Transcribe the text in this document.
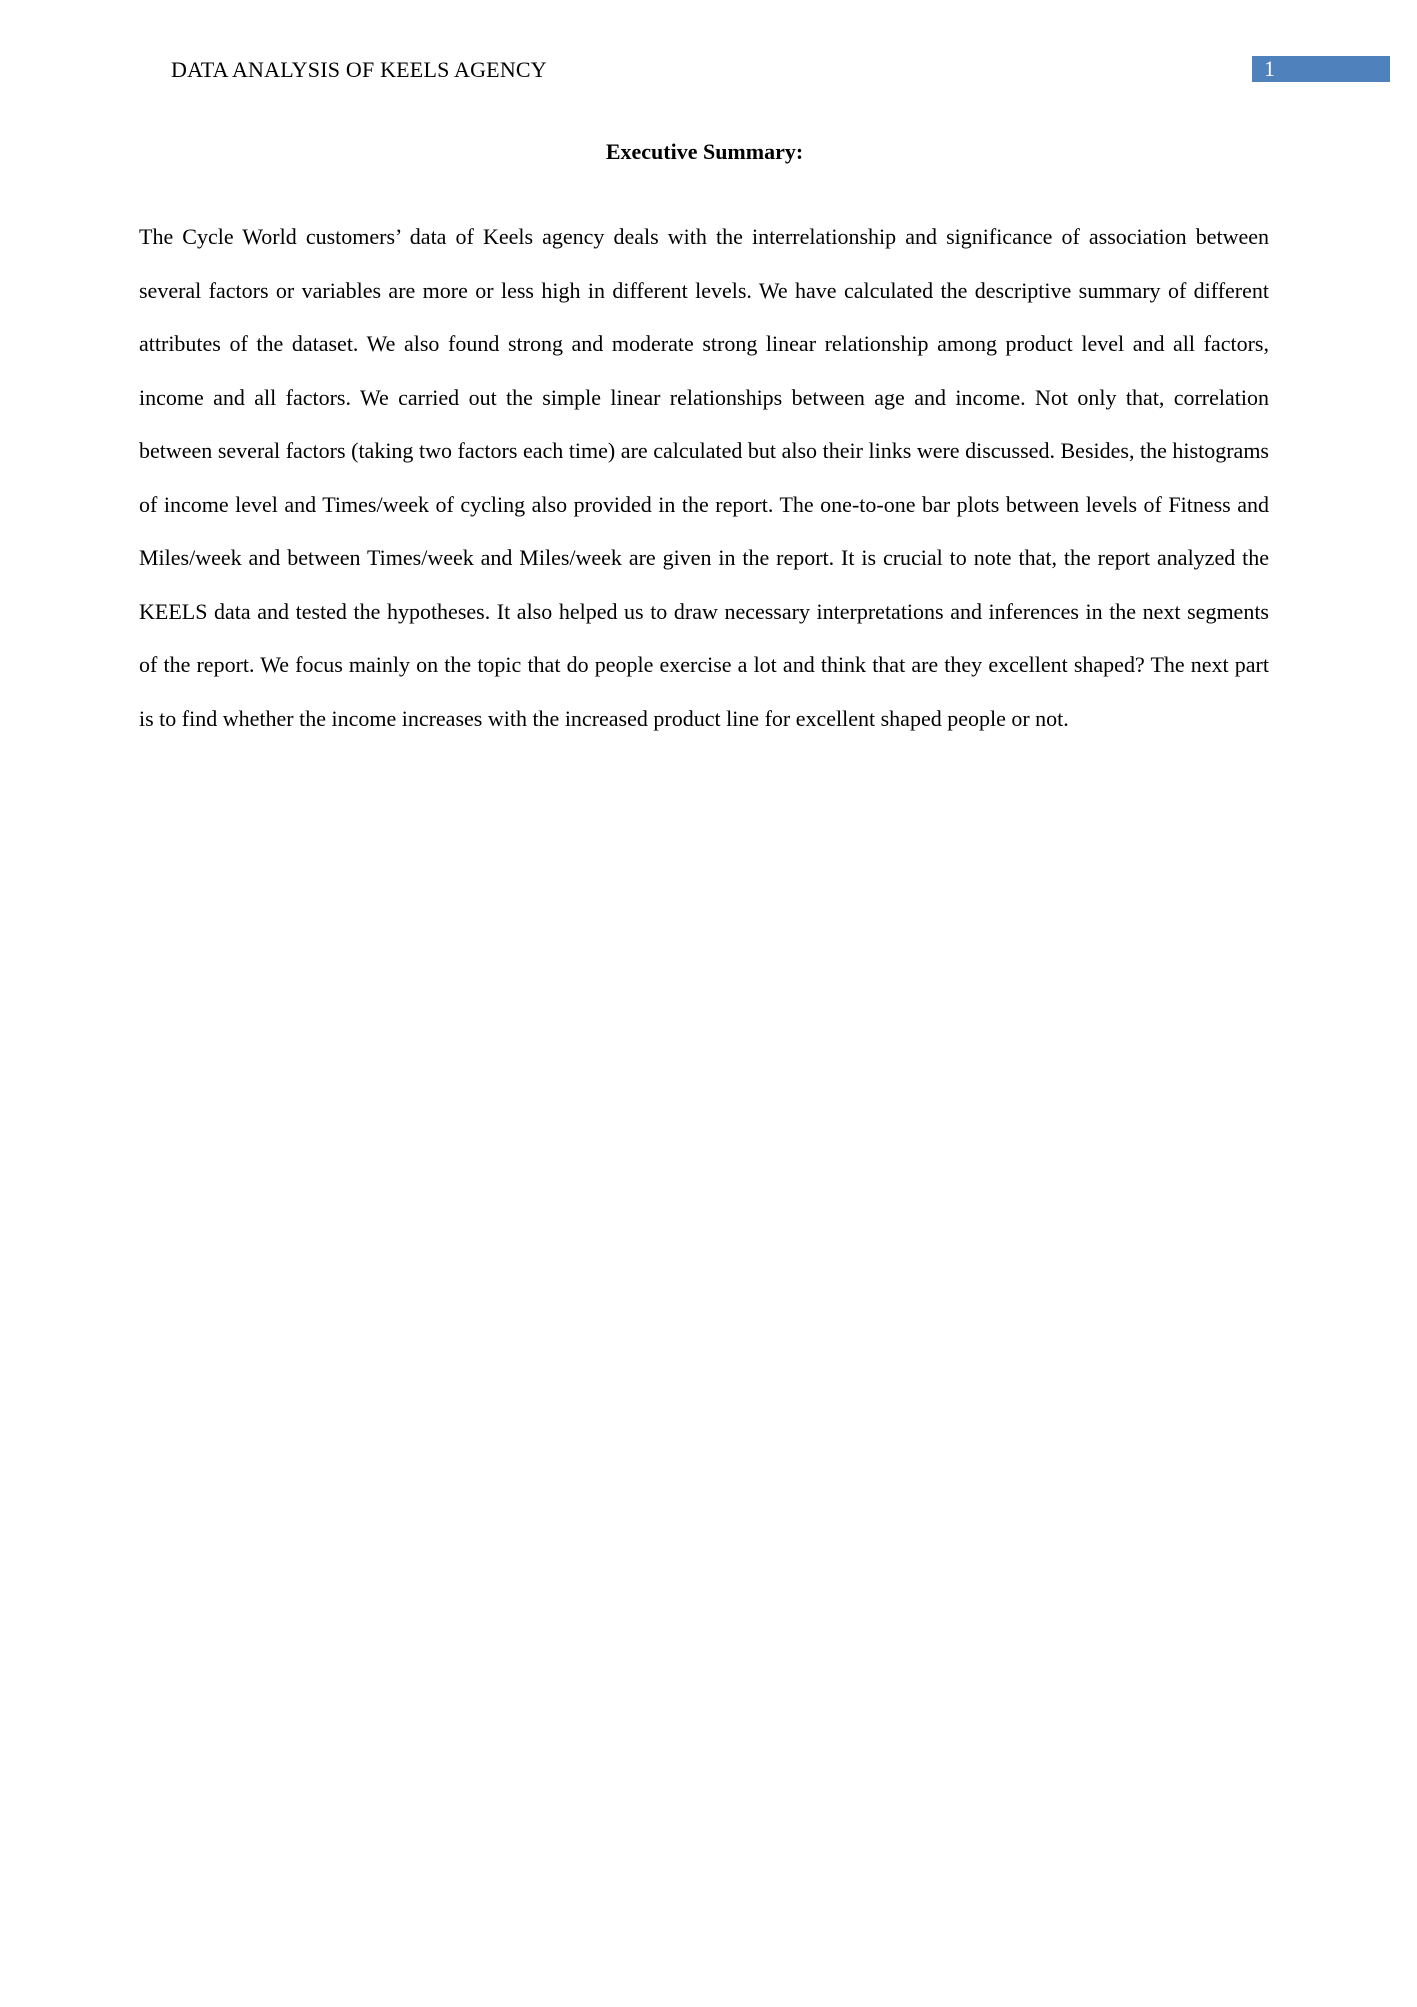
DATA ANALYSIS OF KEELS AGENCY	1
Executive Summary:

The Cycle World customers’ data of Keels agency deals with the interrelationship and significance of association between several factors or variables are more or less high in different levels. We have calculated the descriptive summary of different attributes of the dataset. We also found strong and moderate strong linear relationship among product level and all factors, income and all factors. We carried out the simple linear relationships between age and income. Not only that, correlation between several factors (taking two factors each time) are calculated but also their links were discussed. Besides, the histograms of income level and Times/week of cycling also provided in the report. The one-to-one bar plots between levels of Fitness and Miles/week and between Times/week and Miles/week are given in the report. It is crucial to note that, the report analyzed the KEELS data and tested the hypotheses. It also helped us to draw necessary interpretations and inferences in the next segments of the report. We focus mainly on the topic that do people exercise a lot and think that are they excellent shaped? The next part is to find whether the income increases with the increased product line for excellent shaped people or not.
